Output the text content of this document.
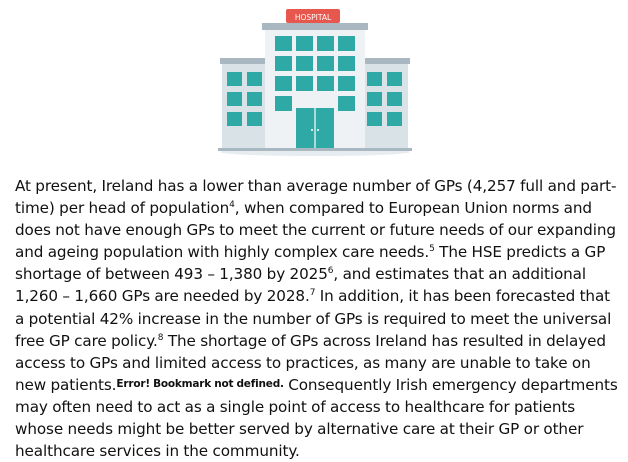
HOSPITAL
At present, Ireland has a lower than average number of GPs (4,257 full and part-time) per head of population$^4$, when compared to European Union norms and does not have enough GPs to meet the current or future needs of our expanding and ageing population with highly complex care needs.$^5$ The HSE predicts a GP shortage of between 493 – 1,380 by 2025$^6$, and estimates that an additional 1,260 – 1,660 GPs are needed by 2028.$^7$ In addition, it has been forecasted that a potential 42% increase in the number of GPs is required to meet the universal free GP care policy.$^8$ The shortage of GPs across Ireland has resulted in delayed access to GPs and limited access to practices, as many are unable to take on new patients.Error! Bookmark not defined. Consequently Irish emergency departments may often need to act as a single point of access to healthcare for patients whose needs might be better served by alternative care at their GP or other healthcare services in the community.
